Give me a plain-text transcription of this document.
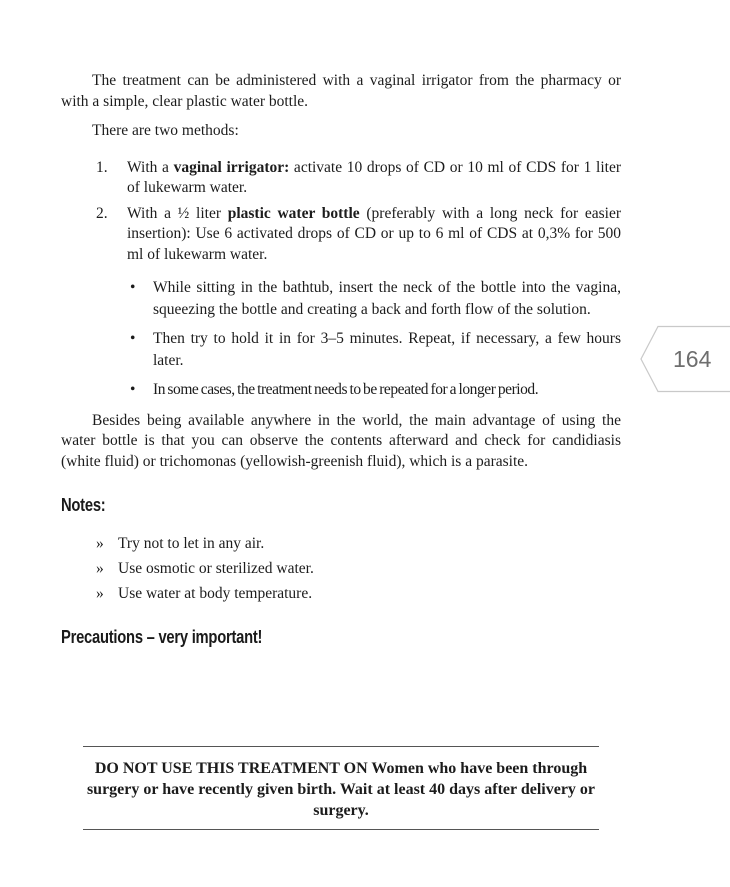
The treatment can be administered with a vaginal irrigator from the pharmacy or with a simple, clear plastic water bottle.

There are two methods:

1. With a vaginal irrigator: activate 10 drops of CD or 10 ml of CDS for 1 liter of lukewarm water.
2. With a ½ liter plastic water bottle (preferably with a long neck for easier insertion): Use 6 activated drops of CD or up to 6 ml of CDS at 0,3% for 500 ml of lukewarm water.
• While sitting in the bathtub, insert the neck of the bottle into the vagina, squeezing the bottle and creating a back and forth flow of the solution.
• Then try to hold it in for 3–5 minutes. Repeat, if necessary, a few hours later.
• In some cases, the treatment needs to be repeated for a longer period.

Besides being available anywhere in the world, the main advantage of using the water bottle is that you can observe the contents afterward and check for candidiasis (white fluid) or trichomonas (yellowish-greenish fluid), which is a parasite.

Notes:
» Try not to let in any air.
» Use osmotic or sterilized water.
» Use water at body temperature.
Precautions – very important!
DO NOT USE THIS TREATMENT ON Women who have been through surgery or have recently given birth. Wait at least 40 days after delivery or surgery.
164
